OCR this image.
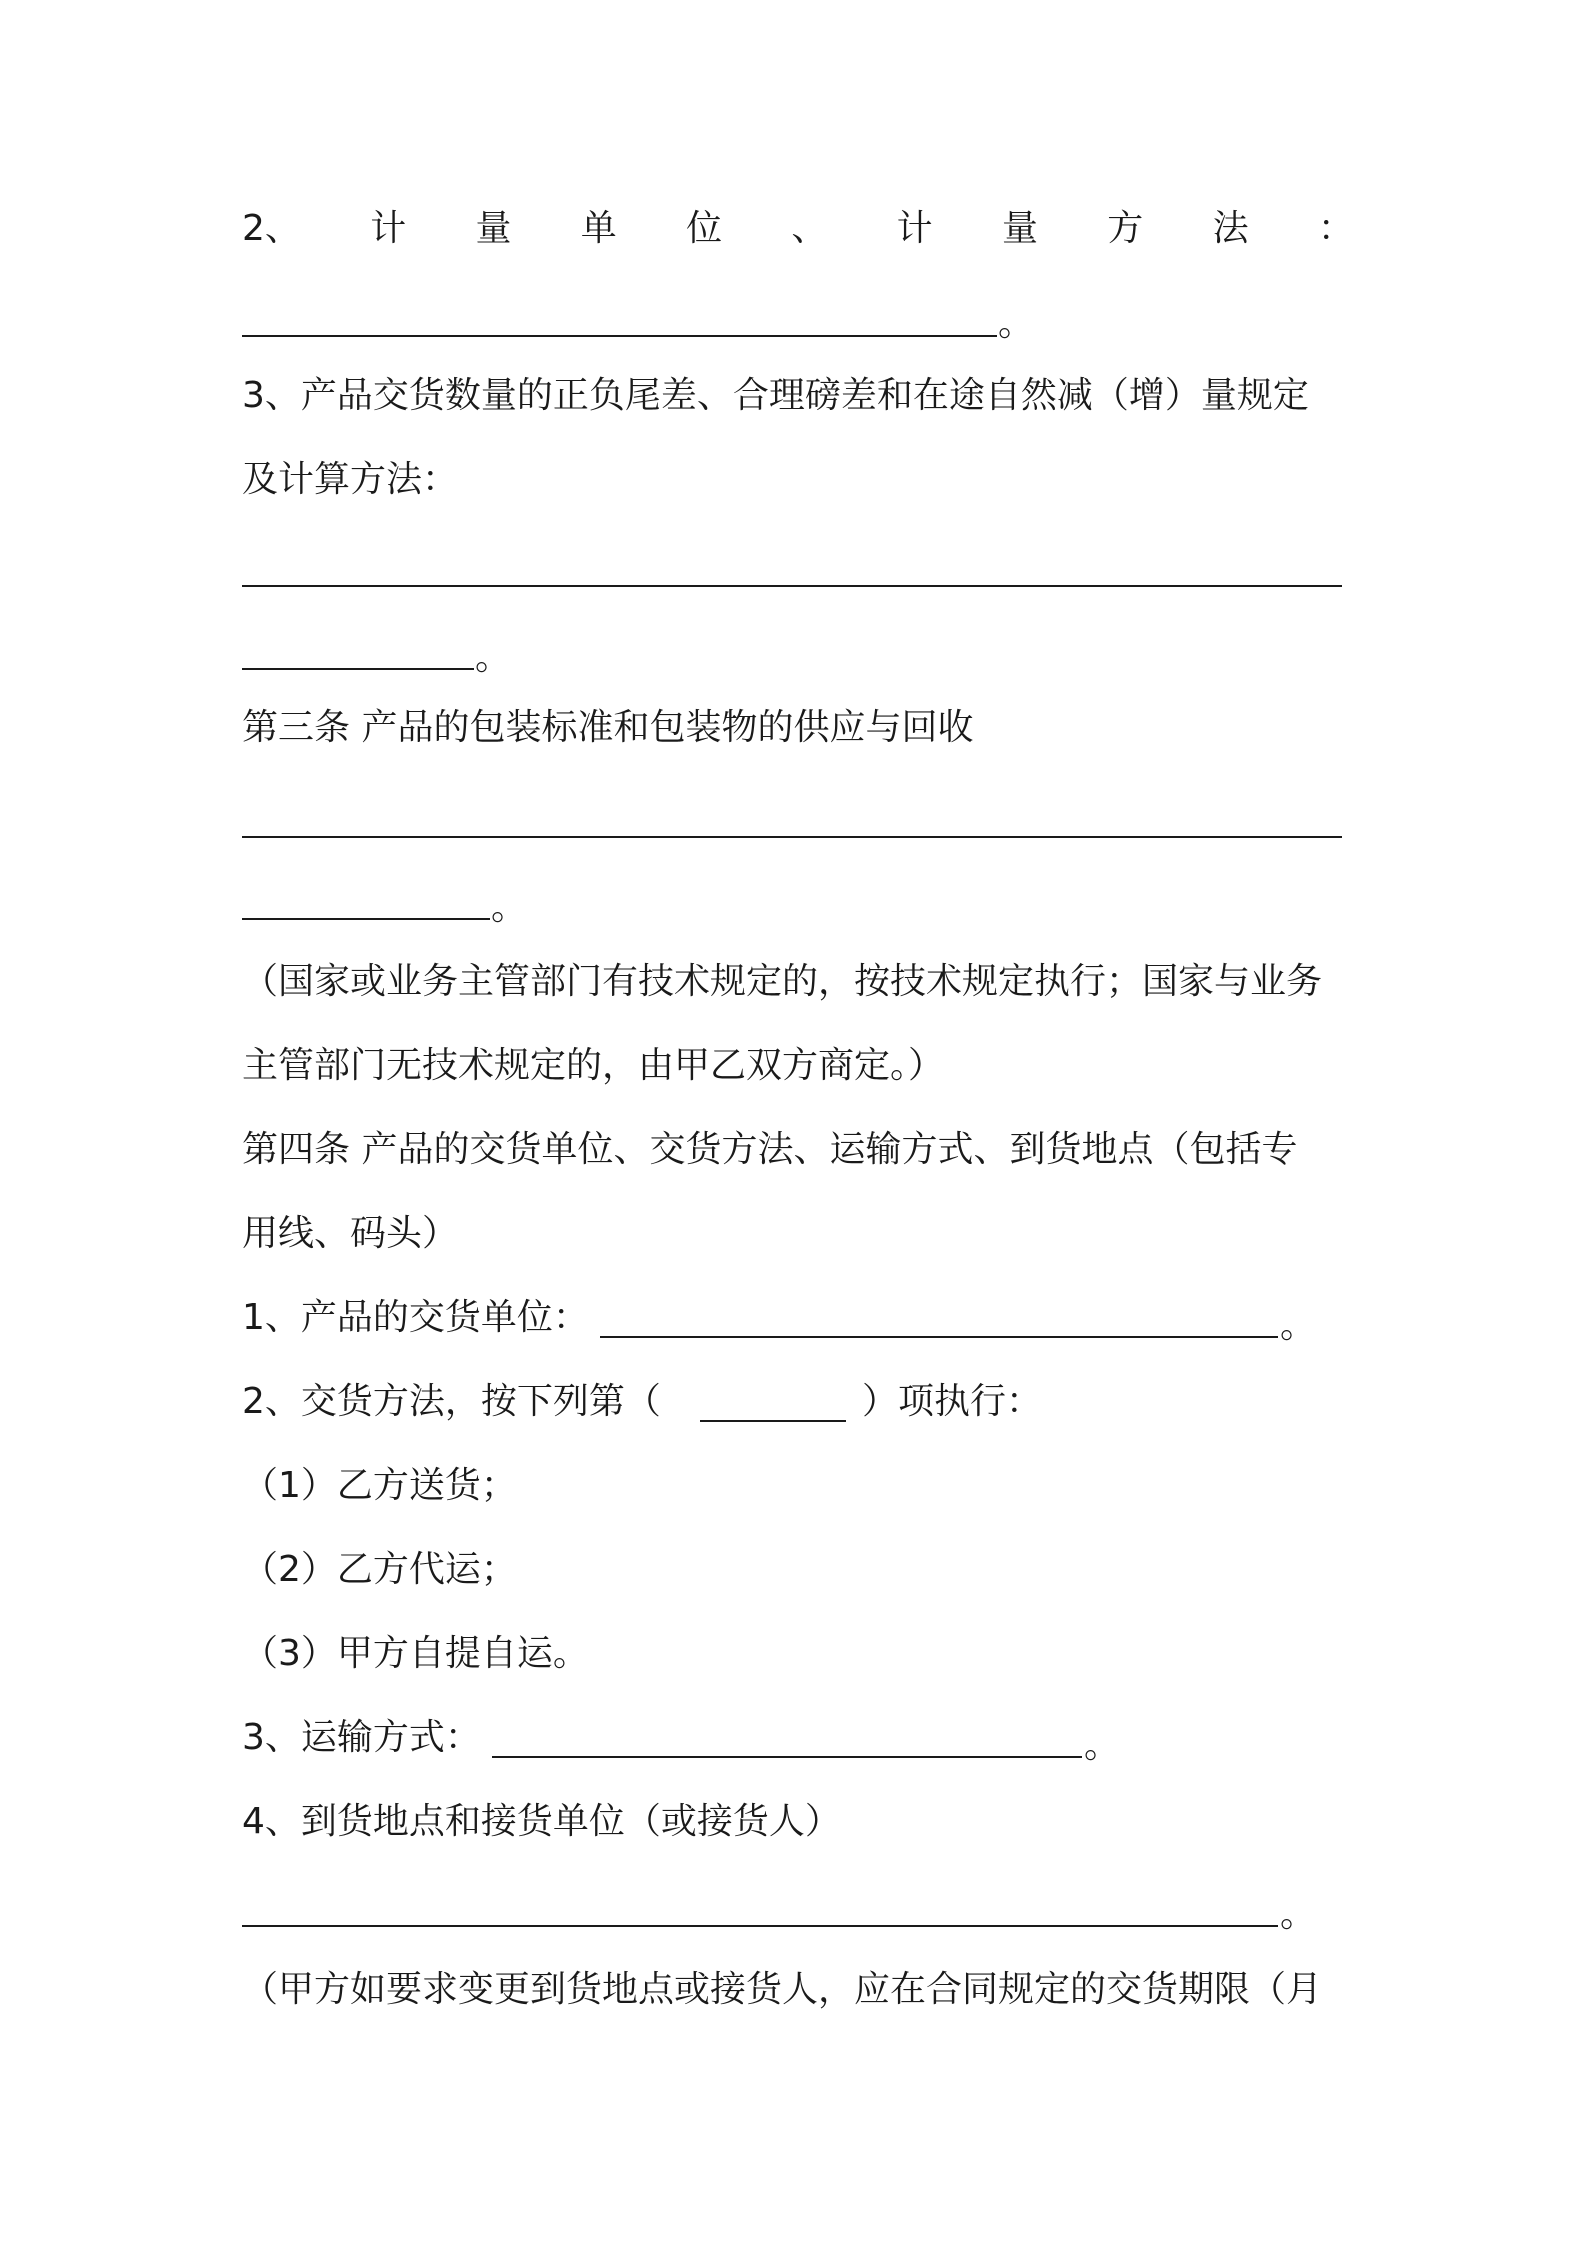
2、 计 量 单 位 、 计 量 方 法 ：
。
3、产品交货数量的正负尾差、合理磅差和在途自然减（增）量规定
及计算方法：
。
第三条 产品的包装标准和包装物的供应与回收
。
（国家或业务主管部门有技术规定的，按技术规定执行；国家与业务
主管部门无技术规定的，由甲乙双方商定。）
第四条 产品的交货单位、交货方法、运输方式、到货地点（包括专
用线、码头）
1、产品的交货单位：	。
2、交货方法，按下列第（	）项执行：
（1）乙方送货；
（2）乙方代运；
（3）甲方自提自运。
3、运输方式：	。
4、到货地点和接货单位（或接货人）
。
（甲方如要求变更到货地点或接货人，应在合同规定的交货期限（月
